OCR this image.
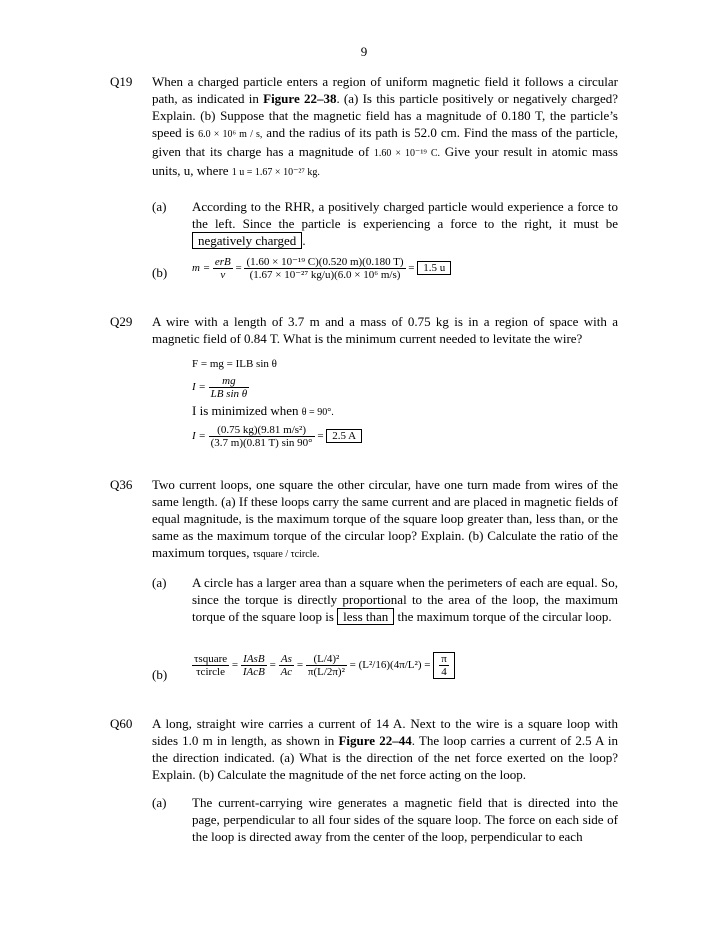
9
Q19 When a charged particle enters a region of uniform magnetic field it follows a circular path, as indicated in Figure 22–38. (a) Is this particle positively or negatively charged? Explain. (b) Suppose that the magnetic field has a magnitude of 0.180 T, the particle’s speed is 6.0 × 10⁶ m / s, and the radius of its path is 52.0 cm. Find the mass of the particle, given that its charge has a magnitude of 1.60 × 10⁻¹⁹ C. Give your result in atomic mass units, u, where 1 u = 1.67 × 10⁻²⁷ kg.
(a) According to the RHR, a positively charged particle would experience a force to the left. Since the particle is experiencing a force to the right, it must be negatively charged .
(b) $m = \frac{\text{erB}}{v} = \frac{\text{(1.60 × 10⁻¹⁹ C)(0.520 m)(0.180 T)}}{\text{(1.67 × 10⁻²⁷ kg/u)(6.0 × 10⁶ m/s)}} = 1.5$ u
Q29 A wire with a length of 3.7 m and a mass of 0.75 kg is in a region of space with a magnetic field of 0.84 T. What is the minimum current needed to levitate the wire?
F = mg = ILB sin θ
$I = \frac{mg}{\text{LB sin θ}}$
I is minimized when θ = 90°.
$I = \frac{\text{(0.75 kg)(9.81 m/s²)}}{(3.7 m)(0.81 T) \sin 90^\circ} = 2.5$ A
Q36 Two current loops, one square the other circular, have one turn made from wires of the same length. (a) If these loops carry the same current and are placed in magnetic fields of equal magnitude, is the maximum torque of the square loop greater than, less than, or the same as the maximum torque of the circular loop? Explain. (b) Calculate the ratio of the maximum torques, τsquare / τcircle.
(a) A circle has a larger area than a square when the perimeters of each are equal. So, since the torque is directly proportional to the area of the loop, the maximum torque of the square loop is less than the maximum torque of the circular loop.
$(b) \frac{\text{τsquare}}{\text{τcircle}} = \frac{\text{IAsB}}{\text{IAcB}} = \frac{As}{Ac} = \frac{\text{(L/4)²}}{\text{π(L/2π)²}} = (L^2/16)(4\pi/L^2) = \frac{\pi}{4}$
Q60 A long, straight wire carries a current of 14 A. Next to the wire is a square loop with sides 1.0 m in length, as shown in Figure 22–44. The loop carries a current of 2.5 A in the direction indicated. (a) What is the direction of the net force exerted on the loop? Explain. (b) Calculate the magnitude of the net force acting on the loop.
(a) The current-carrying wire generates a magnetic field that is directed into the page, perpendicular to all four sides of the square loop. The force on each side of the loop is directed away from the center of the loop, perpendicular to each
